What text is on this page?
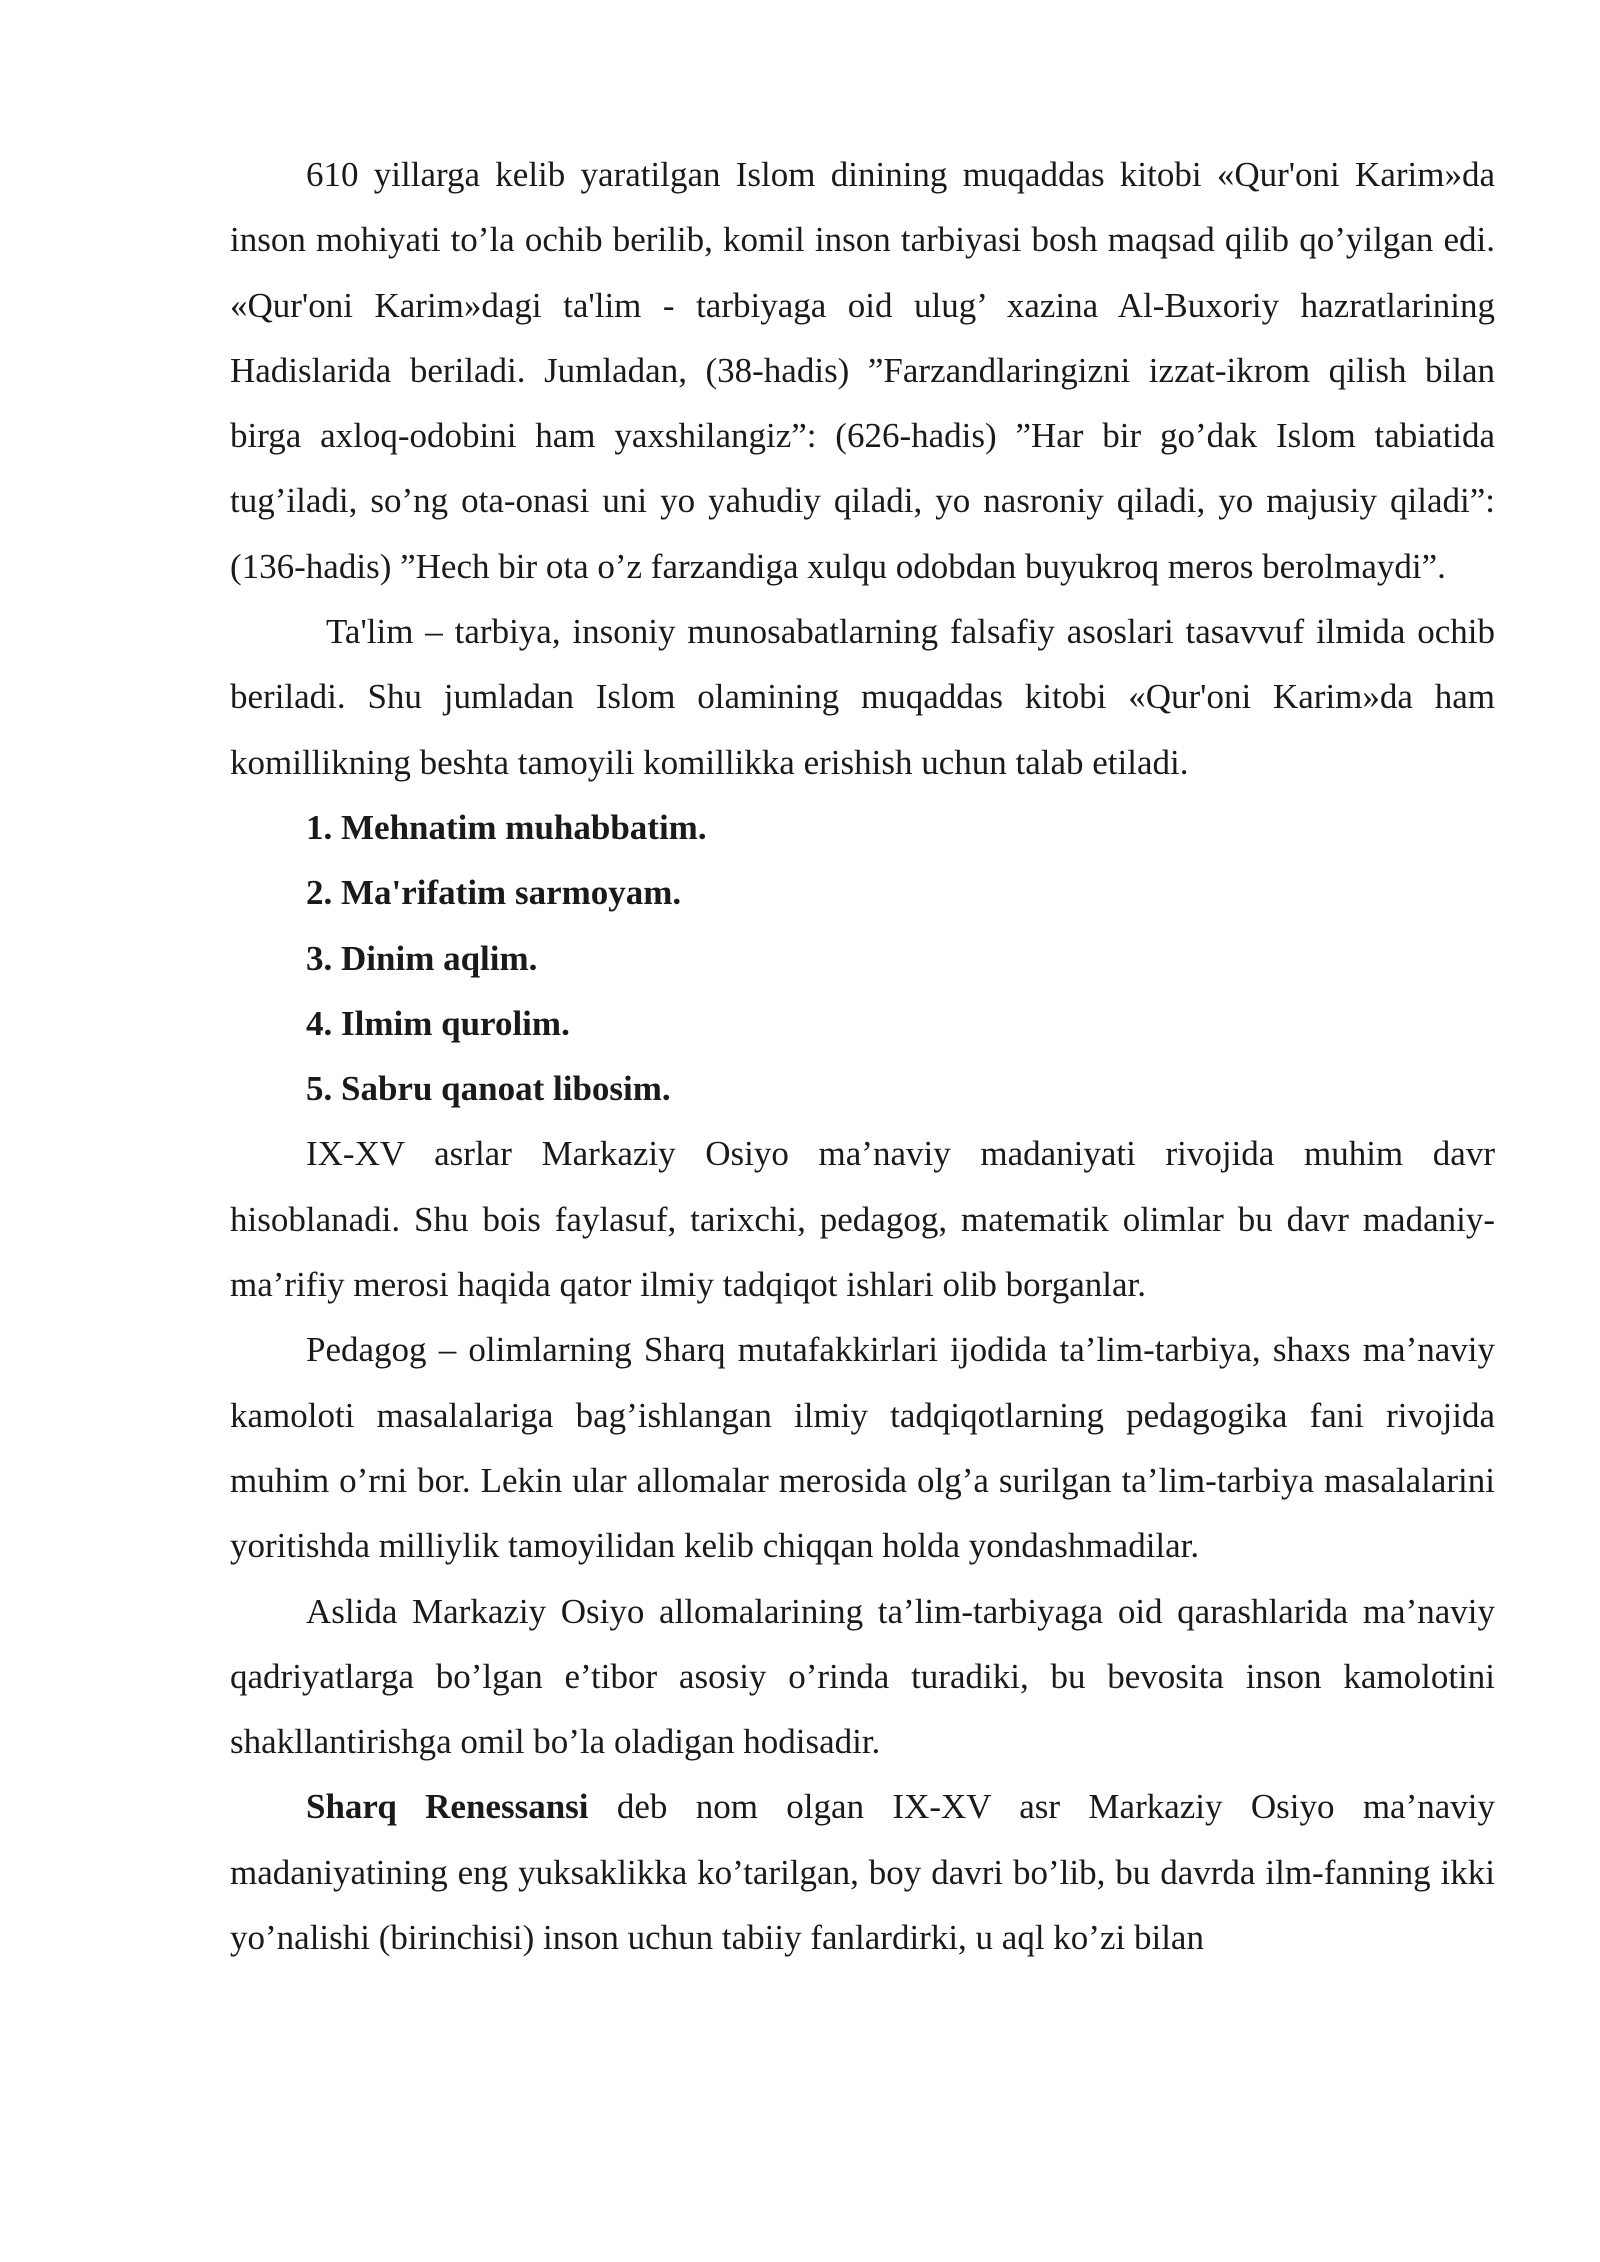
610 yillarga kelib yaratilgan Islom dinining muqaddas kitobi «Qur'oni Karim»da inson mohiyati to’la ochib berilib, komil inson tarbiyasi bosh maqsad qilib qo’yilgan edi. «Qur'oni Karim»dagi ta'lim - tarbiyaga oid ulug’ xazina Al-Buxoriy hazratlarining Hadislarida beriladi. Jumladan, (38-hadis) ”Farzandlaringizni izzat-ikrom qilish bilan birga axloq-odobini ham yaxshilangiz”: (626-hadis) ”Har bir go’dak Islom tabiatida tug’iladi, so’ng ota-onasi uni yo yahudiy qiladi, yo nasroniy qiladi, yo majusiy qiladi”: (136-hadis) ”Hech bir ota o’z farzandiga xulqu odobdan buyukroq meros berolmaydi”.

Ta'lim – tarbiya, insoniy munosabatlarning falsafiy asoslari tasavvuf ilmida ochib beriladi. Shu jumladan Islom olamining muqaddas kitobi «Qur'oni Karim»da ham komillikning beshta tamoyili komillikka erishish uchun talab etiladi.

1. Mehnatim muhabbatim.
2. Ma'rifatim sarmoyam.
3. Dinim aqlim.
4. Ilmim qurolim.
5. Sabru qanoat libosim.

IX-XV asrlar Markaziy Osiyo ma’naviy madaniyati rivojida muhim davr hisoblanadi. Shu bois faylasuf, tarixchi, pedagog, matematik olimlar bu davr madaniy-ma’rifiy merosi haqida qator ilmiy tadqiqot ishlari olib borganlar.

Pedagog – olimlarning Sharq mutafakkirlari ijodida ta’lim-tarbiya, shaxs ma’naviy kamoloti masalalariga bag’ishlangan ilmiy tadqiqotlarning pedagogika fani rivojida muhim o’rni bor. Lekin ular allomalar merosida olg’a surilgan ta’lim-tarbiya masalalarini yoritishda milliylik tamoyilidan kelib chiqqan holda yondashmadilar.

Aslida Markaziy Osiyo allomalarining ta’lim-tarbiyaga oid qarashlarida ma’naviy qadriyatlarga bo’lgan e’tibor asosiy o’rinda turadiki, bu bevosita inson kamolotini shakllantirishga omil bo’la oladigan hodisadir.

Sharq Renessansi deb nom olgan IX-XV asr Markaziy Osiyo ma’naviy madaniyatining eng yuksaklikka ko’tarilgan, boy davri bo’lib, bu davrda ilm-fanning ikki yo’nalishi (birinchisi) inson uchun tabiiy fanlardirki, u aql ko’zi bilan
